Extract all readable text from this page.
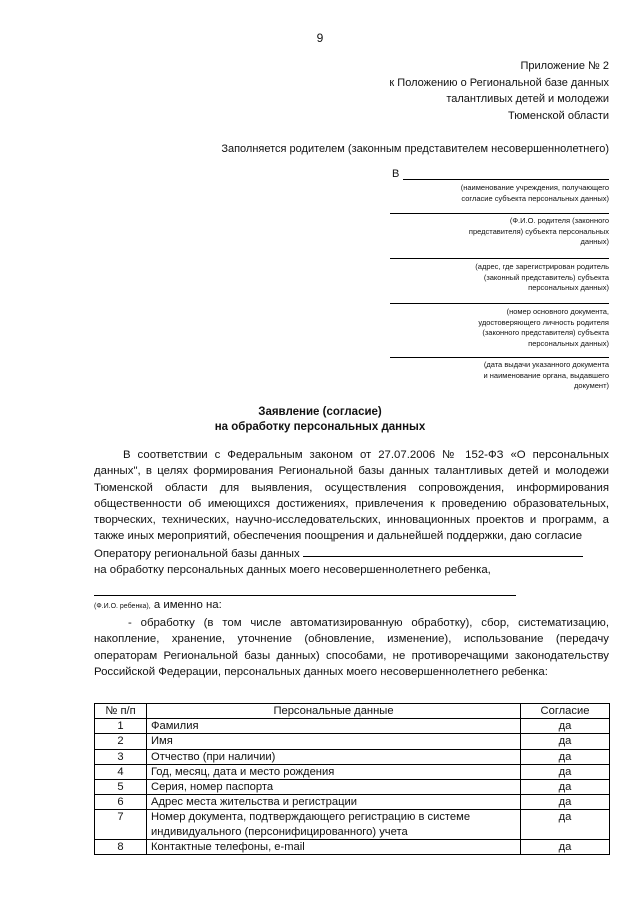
9
Приложение № 2
к Положению о Региональной базе данных
талантливых детей и молодежи
Тюменской области
Заполняется родителем (законным представителем несовершеннолетнего)
В
(наименование учреждения, получающего
согласие субъекта персональных данных)
(Ф.И.О. родителя (законного
представителя) субъекта персональных
данных)
(адрес, где зарегистрирован родитель
(законный представитель) субъекта
персональных данных)
(номер основного документа,
удостоверяющего личность родителя
(законного представителя) субъекта
персональных данных)
(дата выдачи указанного документа
и наименование органа, выдавшего
документ)
Заявление (согласие)
на обработку персональных данных

В соответствии с Федеральным законом от 27.07.2006 № 152-ФЗ «О персональных данных", в целях формирования Региональной базы данных талантливых детей и молодежи Тюменской области для выявления, осуществления сопровождения, информирования общественности об имеющихся достижениях, привлечения к проведению образовательных, творческих, технических, научно-исследовательских, инновационных проектов и программ, а также иных мероприятий, обеспечения поощрения и дальнейшей поддержки, даю согласие

Оператору региональной базы данных

на обработку персональных данных моего несовершеннолетнего ребенка,

(Ф.И.О. ребенка), а именно на:

- обработку (в том числе автоматизированную обработку), сбор, систематизацию, накопление, хранение, уточнение (обновление, изменение), использование (передачу операторам Региональной базы данных) способами, не противоречащими законодательству Российской Федерации, персональных данных моего несовершеннолетнего ребенка:

№ п/п	Персональные данные	Согласие
1	Фамилия	да
2	Имя	да
3	Отчество (при наличии)	да
4	Год, месяц, дата и место рождения	да
5	Серия, номер паспорта	да
6	Адрес места жительства и регистрации	да
7	Номер документа, подтверждающего регистрацию в системе индивидуального (персонифицированного) учета	да
8	Контактные телефоны, e-mail	да
